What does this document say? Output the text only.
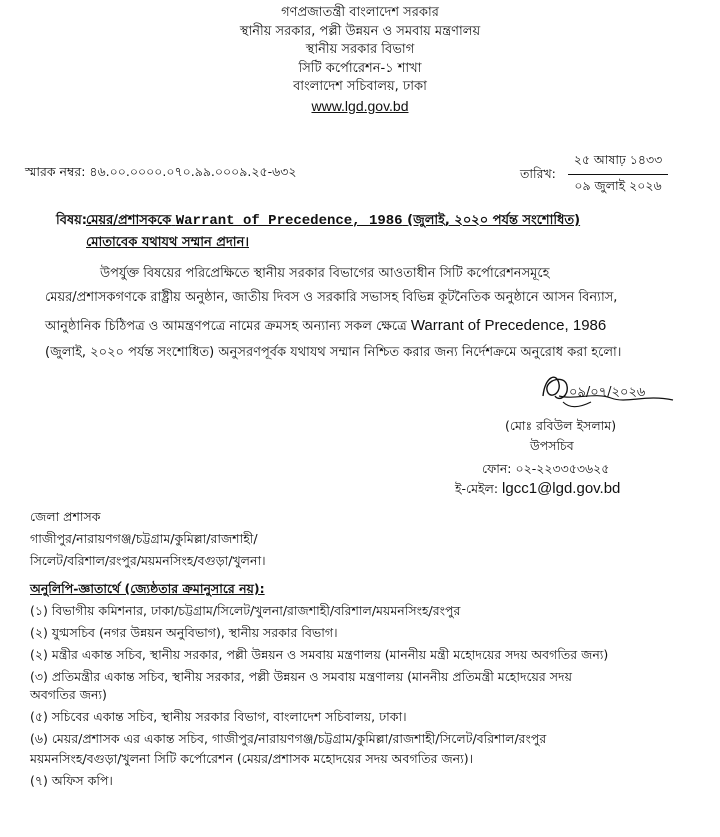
গণপ্রজাতন্ত্রী বাংলাদেশ সরকার
স্থানীয় সরকার, পল্লী উন্নয়ন ও সমবায় মন্ত্রণালয়
স্থানীয় সরকার বিভাগ
সিটি কর্পোরেশন-১ শাখা
বাংলাদেশ সচিবালয়, ঢাকা
www.lgd.gov.bd
স্মারক নম্বর: ৪৬.০০.০০০০.০৭০.৯৯.০০০৯.২৫-৬৩২	তারিখ:
২৫ আষাঢ় ১৪৩৩
০৯ জুলাই ২০২৬
বিষয়: মেয়র/প্রশাসককে Warrant of Precedence, 1986 (জুলাই, ২০২০ পর্যন্ত সংশোধিত)
মোতাবেক যথাযথ সম্মান প্রদান।
উপর্যুক্ত বিষয়ের পরিপ্রেক্ষিতে স্থানীয় সরকার বিভাগের আওতাধীন সিটি কর্পোরেশনসমূহে
মেয়র/প্রশাসকগণকে রাষ্ট্রীয় অনুষ্ঠান, জাতীয় দিবস ও সরকারি সভাসহ বিভিন্ন কূটনৈতিক অনুষ্ঠানে আসন বিন্যাস,
আনুষ্ঠানিক চিঠিপত্র ও আমন্ত্রণপত্রে নামের ক্রমসহ অন্যান্য সকল ক্ষেত্রে Warrant of Precedence, 1986
(জুলাই, ২০২০ পর্যন্ত সংশোধিত) অনুসরণপূর্বক যথাযথ সম্মান নিশ্চিত করার জন্য নির্দেশক্রমে অনুরোধ করা হলো।
০৯/০৭/২০২৬
(মোঃ রবিউল ইসলাম)
উপসচিব
ফোন: ০২-২২৩৩৫৩৬২৫
ই-মেইল: lgcc1@lgd.gov.bd
জেলা প্রশাসক
গাজীপুর/নারায়ণগঞ্জ/চট্টগ্রাম/কুমিল্লা/রাজশাহী/
সিলেট/বরিশাল/রংপুর/ময়মনসিংহ/বগুড়া/খুলনা।
অনুলিপি-জ্ঞাতার্থে (জ্যেষ্ঠতার ক্রমানুসারে নয়):
(১) বিভাগীয় কমিশনার, ঢাকা/চট্টগ্রাম/সিলেট/খুলনা/রাজশাহী/বরিশাল/ময়মনসিংহ/রংপুর
(২) যুগ্মসচিব (নগর উন্নয়ন অনুবিভাগ), স্থানীয় সরকার বিভাগ।
(২) মন্ত্রীর একান্ত সচিব, স্থানীয় সরকার, পল্লী উন্নয়ন ও সমবায় মন্ত্রণালয় (মাননীয় মন্ত্রী মহোদয়ের সদয় অবগতির জন্য)
(৩) প্রতিমন্ত্রীর একান্ত সচিব, স্থানীয় সরকার, পল্লী উন্নয়ন ও সমবায় মন্ত্রণালয় (মাননীয় প্রতিমন্ত্রী মহোদয়ের সদয়
অবগতির জন্য)
(৫) সচিবের একান্ত সচিব, স্থানীয় সরকার বিভাগ, বাংলাদেশ সচিবালয়, ঢাকা।
(৬) মেয়র/প্রশাসক এর একান্ত সচিব, গাজীপুর/নারায়ণগঞ্জ/চট্টগ্রাম/কুমিল্লা/রাজশাহী/সিলেট/বরিশাল/রংপুর
ময়মনসিংহ/বগুড়া/খুলনা সিটি কর্পোরেশন (মেয়র/প্রশাসক মহোদয়ের সদয় অবগতির জন্য)।
(৭) অফিস কপি।
